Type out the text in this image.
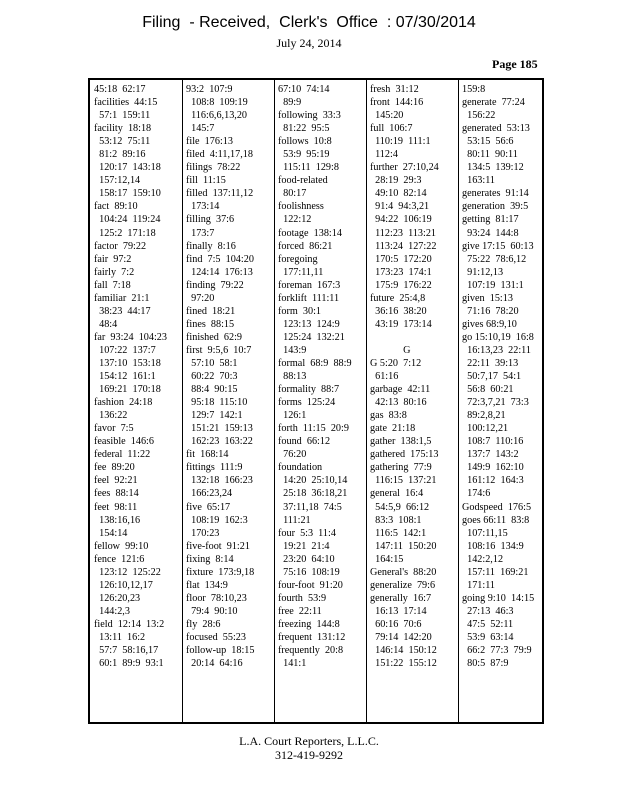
Filing  - Received,  Clerk's  Office  : 07/30/2014
July 24, 2014
Page 185
45:18  62:17
facilities  44:15
57:1  159:11
facility  18:18
53:12  75:11
81:2  89:16
120:17  143:18
157:12,14
158:17  159:10
fact  89:10
104:24  119:24
125:2  171:18
factor  79:22
fair  97:2
fairly  7:2
fall  7:18
familiar  21:1
38:23  44:17
48:4
far  93:24  104:23
107:22  137:7
137:10  153:18
154:12  161:1
169:21  170:18
fashion  24:18
136:22
favor  7:5
feasible  146:6
federal  11:22
fee  89:20
feel  92:21
fees  88:14
feet  98:11
138:16,16
154:14
fellow  99:10
fence  121:6
123:12  125:22
126:10,12,17
126:20,23
144:2,3
field  12:14  13:2
13:11  16:2
57:7  58:16,17
60:1  89:9  93:1
93:2  107:9
108:8  109:19
116:6,6,13,20
145:7
file  176:13
filed  4:11,17,18
filings  78:22
fill  11:15
filled  137:11,12
173:14
filling  37:6
173:7
finally  8:16
find  7:5  104:20
124:14  176:13
finding  79:22
97:20
fined  18:21
fines  88:15
finished  62:9
first  9:5,6  10:7
57:10  58:1
60:22  70:3
88:4  90:15
95:18  115:10
129:7  142:1
151:21  159:13
162:23  163:22
fit  168:14
fittings  111:9
132:18  166:23
166:23,24
five  65:17
108:19  162:3
170:23
five-foot  91:21
fixing  8:14
fixture  173:9,18
flat  134:9
floor  78:10,23
79:4  90:10
fly  28:6
focused  55:23
follow-up  18:15
20:14  64:16
67:10  74:14
89:9
following  33:3
81:22  95:5
follows  10:8
53:9  95:19
115:11  129:8
food-related
80:17
foolishness
122:12
footage  138:14
forced  86:21
foregoing
177:11,11
foreman  167:3
forklift  111:11
form  30:1
123:13  124:9
125:24  132:21
143:9
formal  68:9  88:9
88:13
formality  88:7
forms  125:24
126:1
forth  11:15  20:9
found  66:12
76:20
foundation
14:20  25:10,14
25:18  36:18,21
37:11,18  74:5
111:21
four  5:3  11:4
19:21  21:4
23:20  64:10
75:16  108:19
four-foot  91:20
fourth  53:9
free  22:11
freezing  144:8
frequent  131:12
frequently  20:8
141:1
fresh  31:12
front  144:16
145:20
full  106:7
110:19  111:1
112:4
further  27:10,24
28:19  29:3
49:10  82:14
91:4  94:3,21
94:22  106:19
112:23  113:21
113:24  127:22
170:5  172:20
173:23  174:1
175:9  176:22
future  25:4,8
36:16  38:20
43:19  173:14

G
G 5:20  7:12
61:16
garbage  42:11
42:13  80:16
gas  83:8
gate  21:18
gather  138:1,5
gathered  175:13
gathering  77:9
116:15  137:21
general  16:4
54:5,9  66:12
83:3  108:1
116:5  142:1
147:11  150:20
164:15
General's  88:20
generalize  79:6
generally  16:7
16:13  17:14
60:16  70:6
79:14  142:20
146:14  150:12
151:22  155:12
159:8
generate  77:24
156:22
generated  53:13
53:15  56:6
80:11  90:11
134:5  139:12
163:11
generates  91:14
generation  39:5
getting  81:17
93:24  144:8
give 17:15  60:13
75:22  78:6,12
91:12,13
107:19  131:1
given  15:13
71:16  78:20
gives 68:9,10
go 15:10,19  16:8
16:13,23  22:11
22:11  39:13
50:7,17  54:1
56:8  60:21
72:3,7,21  73:3
89:2,8,21
100:12,21
108:7  110:16
137:7  143:2
149:9  162:10
161:12  164:3
174:6
Godspeed  176:5
goes 66:11  83:8
107:11,15
108:16  134:9
142:2,12
157:11  169:21
171:11
going 9:10  14:15
27:13  46:3
47:5  52:11
53:9  63:14
66:2  77:3  79:9
80:5  87:9
L.A. Court Reporters, L.L.C.
312-419-9292
